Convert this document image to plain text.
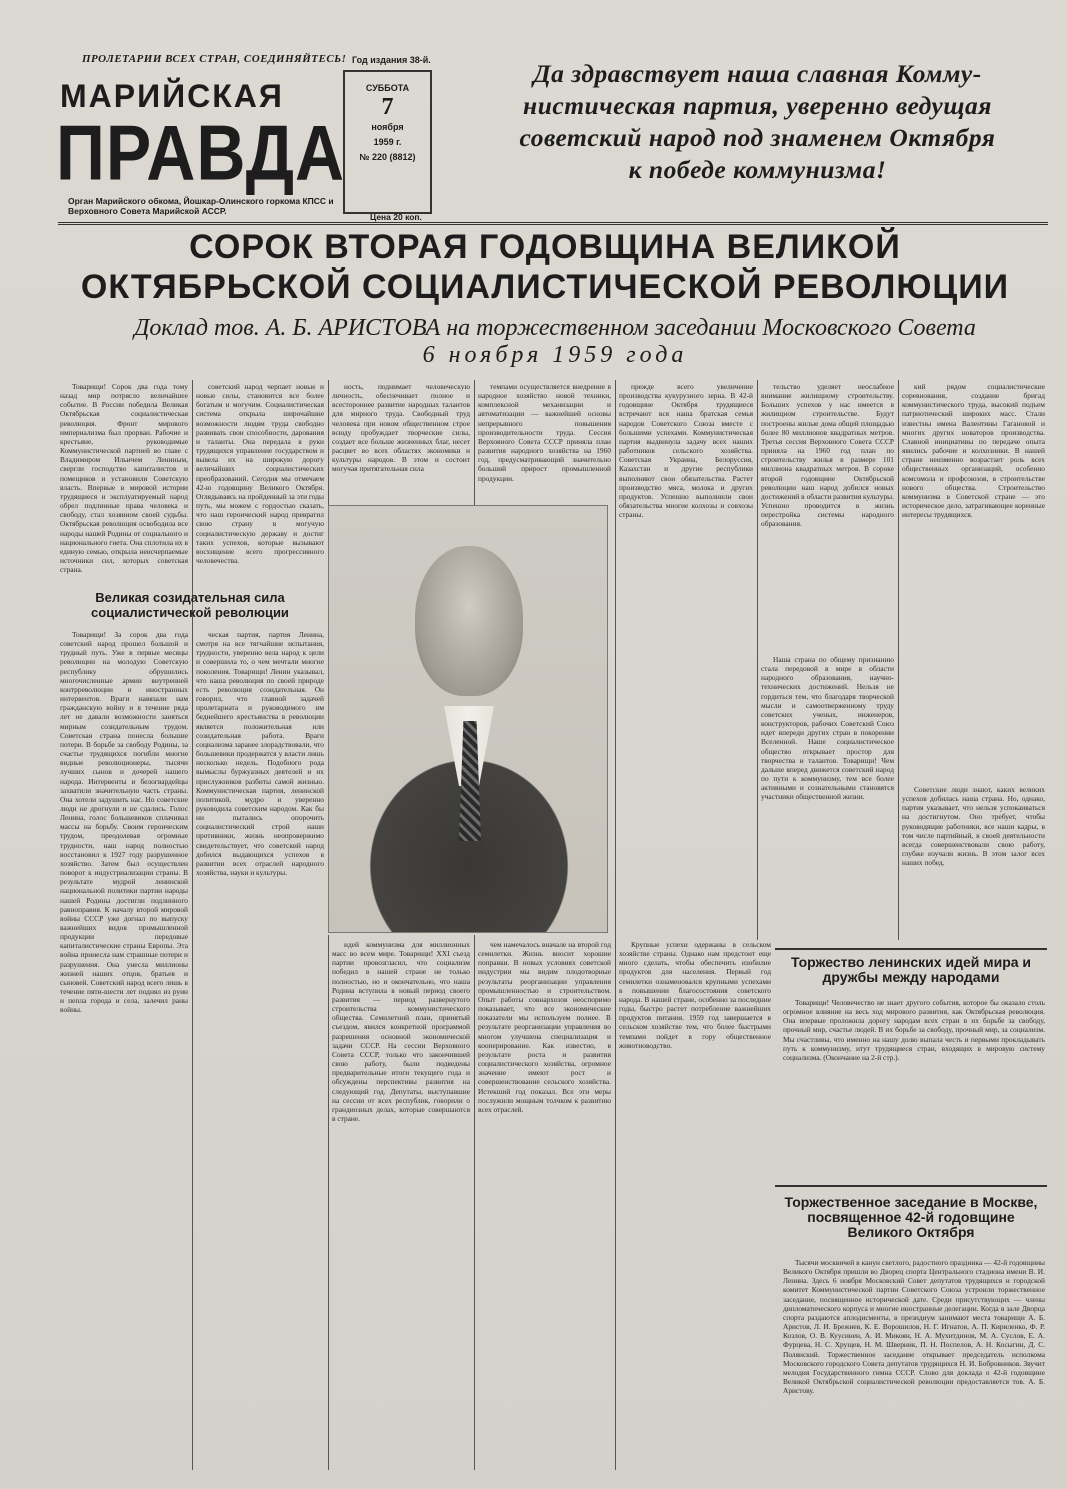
ПРОЛЕТАРИИ ВСЕХ СТРАН, СОЕДИНЯЙТЕСЬ!
МАРИЙСКАЯ
ПРАВДА
Орган Марийского обкома, Йошкар-Олинского горкома КПСС и Верховного Совета Марийской АССР.
Год издания 38-й.
СУББОТА
7
ноября
1959 г.
№ 220 (8812)
Цена 20 коп.
Да здравствует наша славная Комму-
нистическая партия, уверенно ведущая
советский народ под знаменем Октября
к победе коммунизма!
СОРОК ВТОРАЯ ГОДОВЩИНА ВЕЛИКОЙ
ОКТЯБРЬСКОЙ СОЦИАЛИСТИЧЕСКОЙ РЕВОЛЮЦИИ
Доклад тов. А. Б. АРИСТОВА на торжественном заседании Московского Совета
6 ноября 1959 года

Товарищи! Сорок два года тому назад мир потрясло величайшее событие. В России победила Великая Октябрьская социалистическая революция. Фронт мирового империализма был прорван. Рабочие и крестьяне, руководимые Коммунистической партией во главе с Владимиром Ильичем Лениным, свергли господство капиталистов и помещиков и установили Советскую власть. Впервые в мировой истории трудящиеся и эксплуатируемый народ обрел подлинные права человека и свободу, стал хозяином своей судьбы. Октябрьская революция освободила все народы нашей Родины от социального и национального гнета. Она сплотила их в единую семью, открыла неисчерпаемые источники сил, которых советская страна.

Великая созидательная сила социалистической революции

Товарищи! За сорок два года советский народ прошел большой и трудный путь. Уже в первые месяцы революции на молодую Советскую республику обрушились многочисленные армии внутренней контрреволюции и иностранных интервентов. Враги навязали нам гражданскую войну и в течение ряда лет не давали возможности заняться мирным созидательным трудом. Советская страна понесла большие потери. В борьбе за свободу Родины, за счастье трудящихся погибли многие видные революционеры, тысячи лучших сынов и дочерей нашего народа. Интервенты и белогвардейцы захватили значительную часть страны. Она хотели задушить нас. Но советские люди не дрогнули и не сдались. Голос Ленина, голос большевиков сплачивал массы на борьбу. Своим героическим трудом, преодолевая огромные трудности, наш народ полностью восстановил к 1927 году разрушенное хозяйство. Затем был осуществлен поворот к индустриализации страны. В результате мудрой ленинской национальной политики партии народы нашей Родины достигли подлинного равноправия. К началу второй мировой войны СССР уже догнал по выпуску важнейших видов промышленной продукции передовые капиталистические страны Европы. Эта война принесла нам страшные потери и разрушения. Она унесла миллионы жизней наших отцов, братьев и сыновей. Советский народ всего лишь в течение пяти-шести лет поднял из руин и пепла города и села, залечил раны войны.

советский народ черпает новые и новые силы, становится все более богатым и могучим. Социалистическая система открыла широчайшие возможности людям труда свободно развивать свои способности, дарования и таланты. Она передала в руки трудящихся управление государством и вывела их на широкую дорогу величайших социалистических преобразований. Сегодня мы отмечаем 42-ю годовщину Великого Октября. Оглядываясь на пройденный за эти годы путь, мы можем с гордостью сказать, что наш героический народ превратил свою страну в могучую социалистическую державу и достиг таких успехов, которые вызывают восхищение всего прогрессивного человечества.

ческая партия, партия Ленина, смотря на все тягчайшие испытания, трудности, уверенно вела народ к цели и совершила то, о чем мечтали многие поколения. Товарищи! Ленин указывал, что наша революция по своей природе есть революция созидательная. Он говорил, что главной задачей пролетариата и руководимого им беднейшего крестьянства в революции является положительная или созидательная работа. Враги социализма заранее злорадствовали, что большевики продержатся у власти лишь несколько недель. Подобного рода вымыслы буржуазных деятелей и их прислужников разбиты самой жизнью. Коммунистическая партия, ленинской политикой, мудро и уверенно руководила советским народом. Как бы ни пытались опорочить социалистический строй наши противники, жизнь неопровержимо свидетельствует, что советский народ добился выдающихся успехов в развитии всех отраслей народного хозяйства, науки и культуры.

ность, поднимает человеческую личность, обеспечивает полное и всестороннее развитие народных талантов для мирного труда. Свободный труд человека при новом общественном строе всюду пробуждает творческие силы, создает все больше жизненных благ, несет расцвет во всех областях экономики и культуры народов. В этом и состоит могучая притягательная сила

идей коммунизма для миллионных масс во всем мире. Товарищи! XXI съезд партии провозгласил, что социализм победил в нашей стране не только полностью, но и окончательно, что наша Родина вступила в новый период своего развития — период развернутого строительства коммунистического общества. Семилетний план, принятый съездом, явился конкретной программой разрешения основной экономической задачи СССР. На сессии Верховного Совета СССР, только что закончившей свою работу, были подведены предварительные итоги текущего года и обсуждены перспективы развития на следующий год. Депутаты, выступавшие на сессии от всех республик, говорили о грандиозных делах, которые совершаются в стране.

темпами осуществляется внедрение в народное хозяйство новой техники, комплексной механизации и автоматизации — важнейшей основы непрерывного повышения производительности труда. Сессия Верховного Совета СССР приняла план развития народного хозяйства на 1960 год, предусматривающий значительно больший прирост промышленной продукции.

чем намечалось вначале на второй год семилетки. Жизнь вносит хорошие поправки. В новых условиях советской индустрии мы видим плодотворные результаты реорганизации управления промышленностью и строительством. Опыт работы совнархозов неоспоримо показывает, что все экономические показатели мы используем полнее. В результате реорганизации управления во многом улучшена специализация и кооперирование. Как известно, в результате роста и развития социалистического хозяйства, огромное значение имеют рост и совершенствование сельского хозяйства. Истекший год показал. Все эти меры послужили мощным толчком к развитию всех отраслей.

прежде всего увеличение производства кукурузного зерна. В 42-й годовщине Октября трудящиеся встречают вся наша братская семья народов Советского Союза вместе с большими успехами. Коммунистическая партия выдвинула задачу всех наших работников сельского хозяйства. Советская Украина, Белоруссия, Казахстан и другие республики выполняют свои обязательства. Растет производство мяса, молока и других продуктов. Успешно выполнили свои обязательства многие колхозы и совхозы страны.

Крупные успехи одержаны в сельском хозяйстве страны. Однако нам предстоит еще много сделать, чтобы обеспечить изобилие продуктов для населения. Первый год семилетки ознаменовался крупными успехами в повышении благосостояния советского народа. В нашей стране, особенно за последние годы, быстро растет потребление важнейших продуктов питания. 1959 год завершается в сельском хозяйстве тем, что более быстрыми темпами пойдет в гору общественное животноводство.

тельство уделяет неослабное внимание жилищному строительству. Больших успехов у нас имеется в жилищном строительстве. Будут построены жилые дома общей площадью более 80 миллионов квадратных метров. Третья сессия Верховного Совета СССР приняла на 1960 год план по строительству жилья в размере 101 миллиона квадратных метров. В сороке второй годовщине Октябрьской революции наш народ добился новых достижений в области развития культуры. Успешно проводится в жизнь перестройка системы народного образования.

Наша страна по общему признанию стала передовой в мире в области народного образования, научно-технических достижений. Нельзя не гордиться тем, что благодаря творческой мысли и самоотверженному труду советских ученых, инженеров, конструкторов, рабочих Советский Союз идет впереди других стран в покорении Вселенной. Наше социалистическое общество открывает простор для творчества и талантов. Товарищи! Чем дальше вперед движется советский народ по пути к коммунизму, тем все более активными и сознательными становятся участники общественной жизни.

кий рядом социалистические соревнования, создание бригад коммунистического труда, высокий подъем патриотический широких масс. Стали известны имена Валентины Гагановой и многих других новаторов производства. Славной инициативы по передаче опыта явились рабочие и колхозники. В нашей стране неизменно возрастает роль всех общественных организаций, особенно комсомола и профсоюзов, в строительстве нового общества. Строительство коммунизма в Советской стране — это историческое дело, затрагивающее коренные интересы трудящихся.

Советские люди знают, каких великих успехов добилась наша страна. Но, однако, партия указывает, что нельзя успокаиваться на достигнутом. Оно требует, чтобы руководящие работники, все наши кадры, в том числе партийный, в своей деятельности всегда совершенствовали свою работу, глубже изучали жизнь. В этом залог всех наших побед.

Торжество ленинских идей мира и дружбы между народами

Товарищи! Человечество не знает другого события, которое бы оказало столь огромное влияние на весь ход мирового развития, как Октябрьская революция. Она впервые проложила дорогу народам всех стран в их борьбе за свободу, прочный мир, счастье людей. В их борьбе за свободу, прочный мир, за социализм. Мы счастливы, что именно на нашу долю выпала честь и первыми прокладывать путь к коммунизму, итут трудящиеся стран, входящих в мировую систему социализма. (Окончание на 2-й стр.).

Торжественное заседание в Москве, посвященное 42-й годовщине Великого Октября

Тысячи москвичей в канун светлого, радостного праздника — 42-й годовщины Великого Октября пришли во Дворец спорта Центрального стадиона имени В. И. Ленина. Здесь 6 ноября Московский Совет депутатов трудящихся и городской комитет Коммунистической партии Советского Союза устроили торжественное заседание, посвященное исторической дате. Среди присутствующих — члены дипломатического корпуса и многие иностранные делегации. Когда в зале Дворца спорта раздаются аплодисменты, в президиум занимают места товарищи А. Б. Аристов, Л. И. Брежнев, К. Е. Ворошилов, Н. Г. Игнатов, А. П. Кириленко, Ф. Р. Козлов, О. В. Куусинен, А. И. Микоян, Н. А. Мухитдинов, М. А. Суслов, Е. А. Фурцева, Н. С. Хрущев, Н. М. Шверник, П. Н. Поспелов, А. Н. Косыгин, Д. С. Полянский. Торжественное заседание открывает председатель исполкома Московского городского Совета депутатов трудящихся Н. И. Бобровников. Звучит мелодия Государственного гимна СССР. Слово для доклада о 42-й годовщине Великой Октябрьской социалистической революции предоставляется тов. А. Б. Аристову.
